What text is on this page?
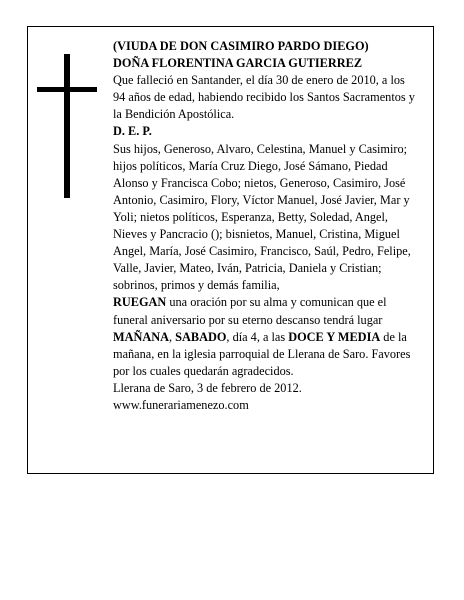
(VIUDA DE DON CASIMIRO PARDO DIEGO)

DOÑA FLORENTINA GARCIA GUTIERREZ

Que falleció en Santander, el día 30 de enero de 2010, a los 94 años de edad, habiendo recibido los Santos Sacramentos y la Bendición Apostólica.

D. E. P.

Sus hijos, Generoso, Alvaro, Celestina, Manuel y Casimiro; hijos políticos, María Cruz Diego, José Sámano, Piedad Alonso y Francisca Cobo; nietos, Generoso, Casimiro, José Antonio, Casimiro, Flory, Víctor Manuel, José Javier, Mar y Yoli; nietos políticos, Esperanza, Betty, Soledad, Angel, Nieves y Pancracio (); bisnietos, Manuel, Cristina, Miguel Angel, María, José Casimiro, Francisco, Saúl, Pedro, Felipe, Valle, Javier, Mateo, Iván, Patricia, Daniela y Cristian; sobrinos, primos y demás familia,

RUEGAN una oración por su alma y comunican que el funeral aniversario por su eterno descanso tendrá lugar MAÑANA, SABADO, día 4, a las DOCE Y MEDIA de la mañana, en la iglesia parroquial de Llerana de Saro. Favores por los cuales quedarán agradecidos.

Llerana de Saro, 3 de febrero de 2012.

www.funerariamenezo.com
